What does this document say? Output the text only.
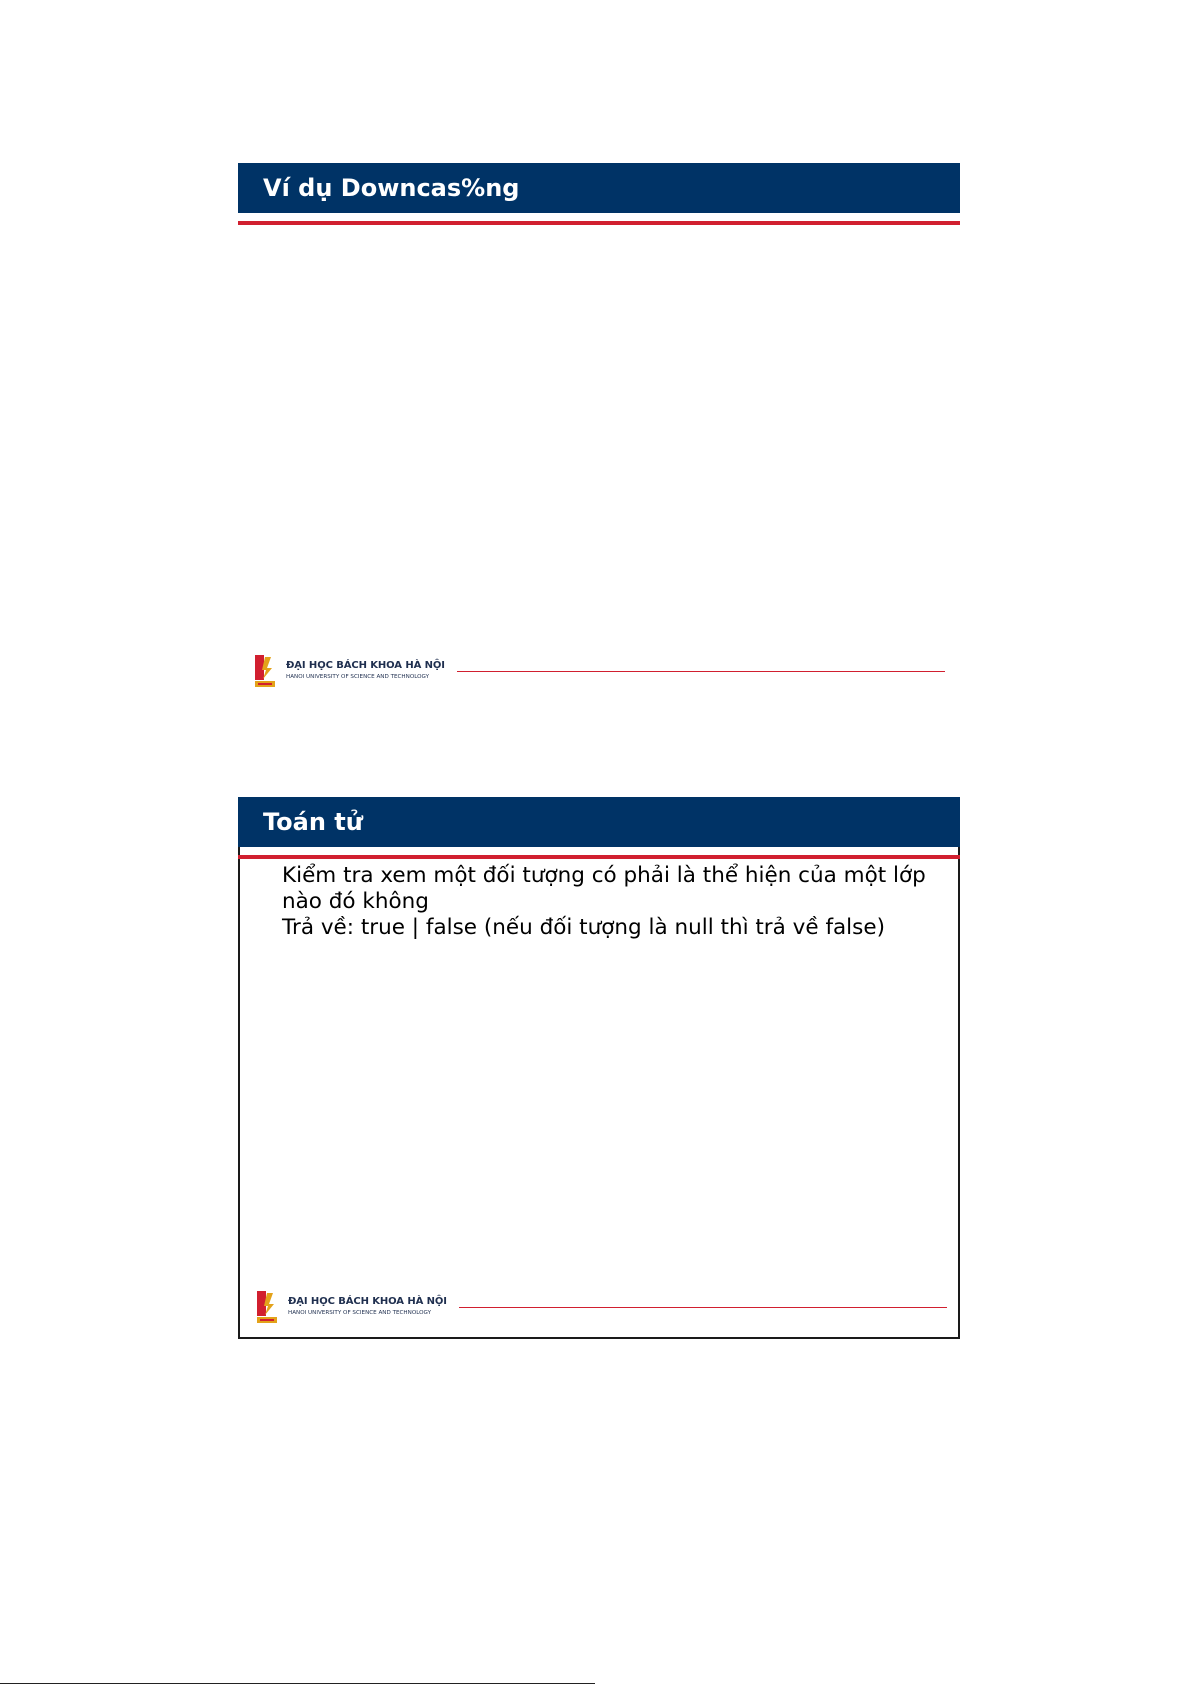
Ví dụ Downcas%ng
ĐẠI HỌC BÁCH KHOA HÀ NỘI
HANOI UNIVERSITY OF SCIENCE AND TECHNOLOGY
Toán tử
Kiểm tra xem một đối tượng có phải là thể hiện của một lớp
nào đó không
Trả về: true | false (nếu đối tượng là null thì trả về false)
ĐẠI HỌC BÁCH KHOA HÀ NỘI
HANOI UNIVERSITY OF SCIENCE AND TECHNOLOGY
